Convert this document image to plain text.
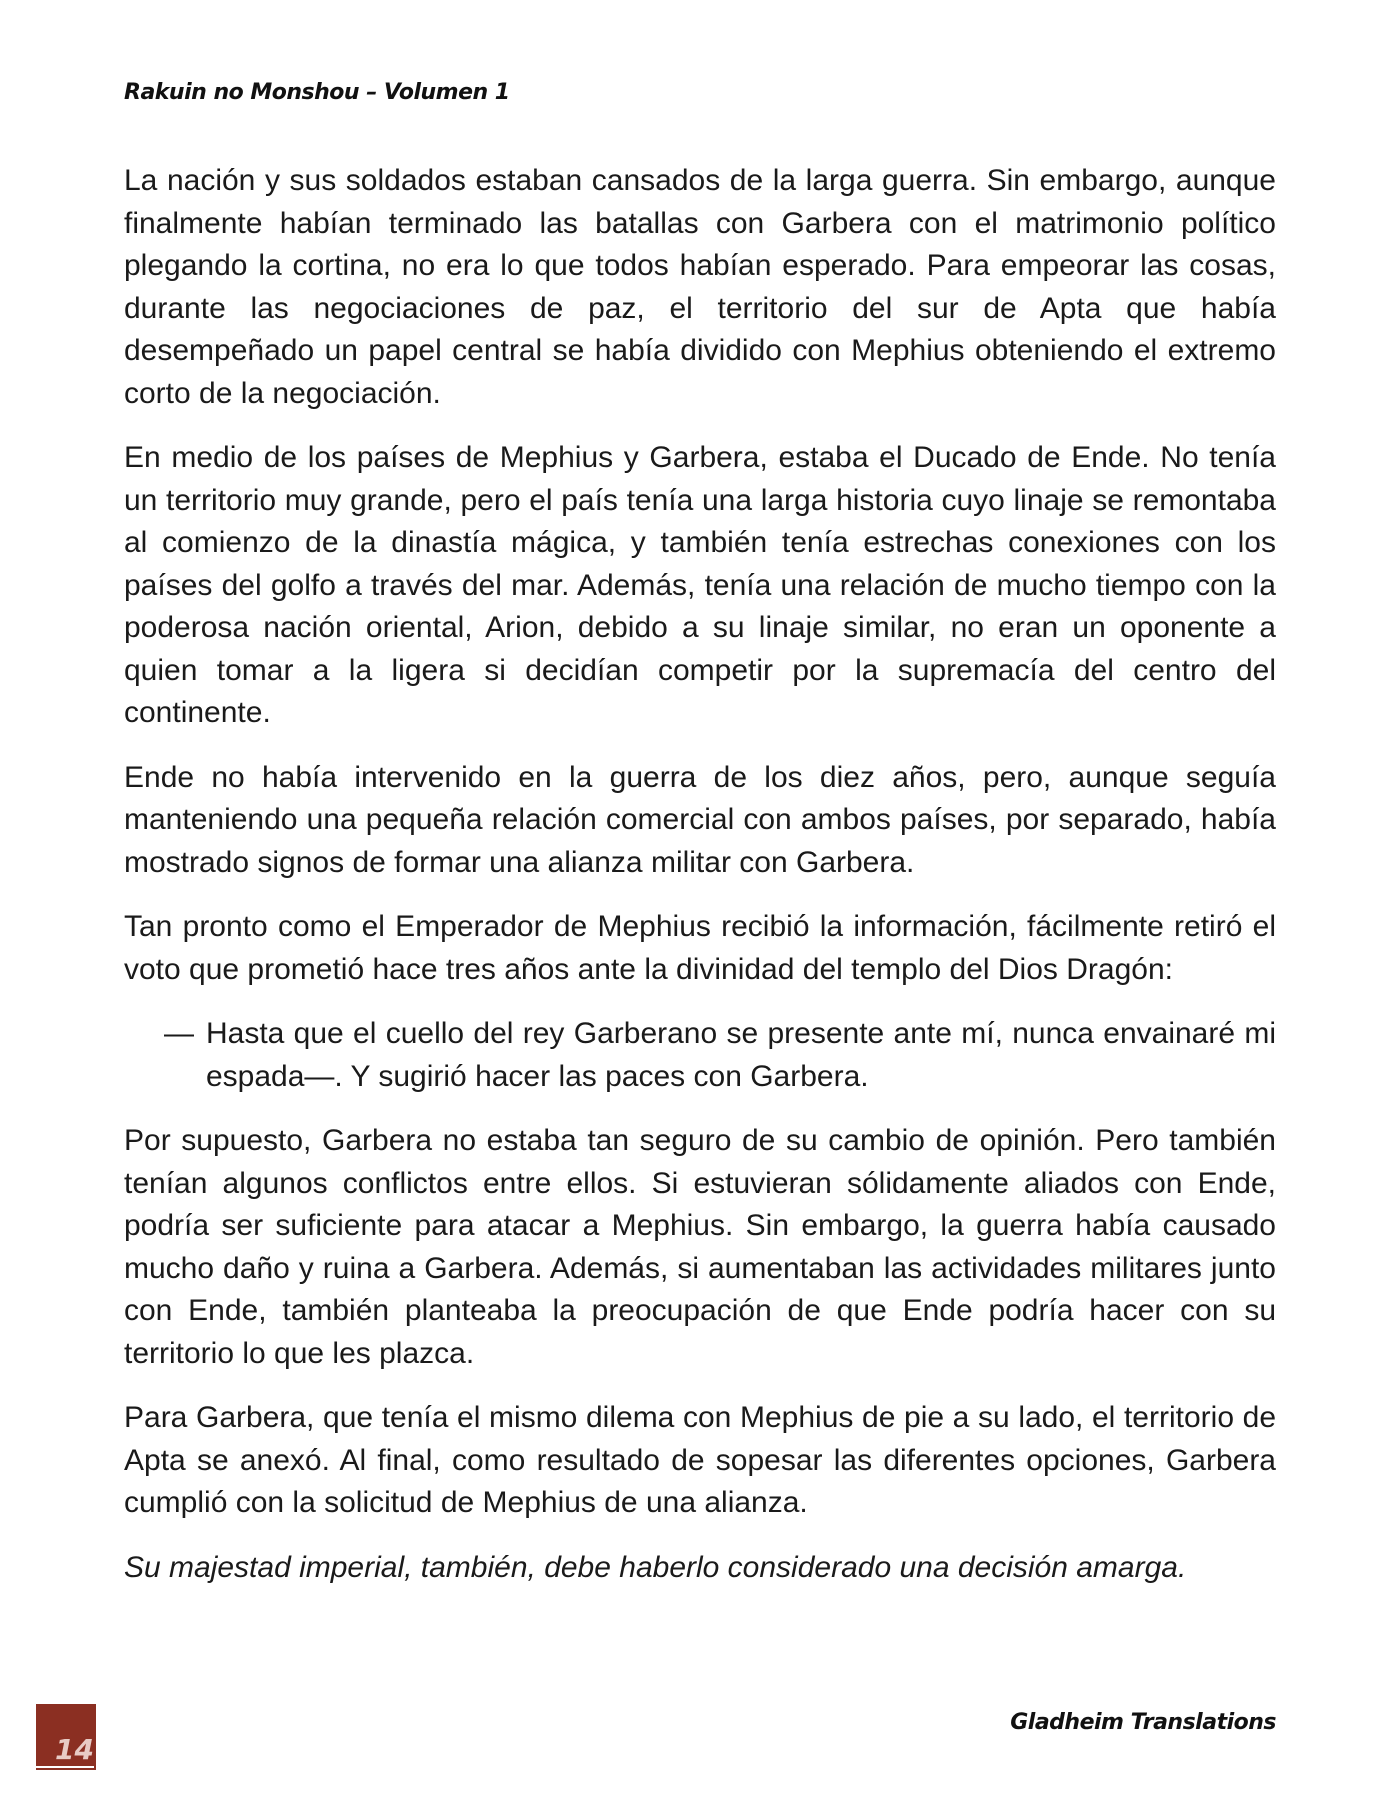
Rakuin no Monshou – Volumen 1

La nación y sus soldados estaban cansados de la larga guerra. Sin embargo, aunque finalmente habían terminado las batallas con Garbera con el matrimonio político plegando la cortina, no era lo que todos habían esperado. Para empeorar las cosas, durante las negociaciones de paz, el territorio del sur de Apta que había desempeñado un papel central se había dividido con Mephius obteniendo el extremo corto de la negociación.

En medio de los países de Mephius y Garbera, estaba el Ducado de Ende. No tenía un territorio muy grande, pero el país tenía una larga historia cuyo linaje se remontaba al comienzo de la dinastía mágica, y también tenía estrechas conexiones con los países del golfo a través del mar. Además, tenía una relación de mucho tiempo con la poderosa nación oriental, Arion, debido a su linaje similar, no eran un oponente a quien tomar a la ligera si decidían competir por la supremacía del centro del continente.

Ende no había intervenido en la guerra de los diez años, pero, aunque seguía manteniendo una pequeña relación comercial con ambos países, por separado, había mostrado signos de formar una alianza militar con Garbera.

Tan pronto como el Emperador de Mephius recibió la información, fácilmente retiró el voto que prometió hace tres años ante la divinidad del templo del Dios Dragón:

— Hasta que el cuello del rey Garberano se presente ante mí, nunca envainaré mi espada—. Y sugirió hacer las paces con Garbera.

Por supuesto, Garbera no estaba tan seguro de su cambio de opinión. Pero también tenían algunos conflictos entre ellos. Si estuvieran sólidamente aliados con Ende, podría ser suficiente para atacar a Mephius. Sin embargo, la guerra había causado mucho daño y ruina a Garbera. Además, si aumentaban las actividades militares junto con Ende, también planteaba la preocupación de que Ende podría hacer con su territorio lo que les plazca.

Para Garbera, que tenía el mismo dilema con Mephius de pie a su lado, el territorio de Apta se anexó. Al final, como resultado de sopesar las diferentes opciones, Garbera cumplió con la solicitud de Mephius de una alianza.

Su majestad imperial, también, debe haberlo considerado una decisión amarga.

14
Gladheim Translations
